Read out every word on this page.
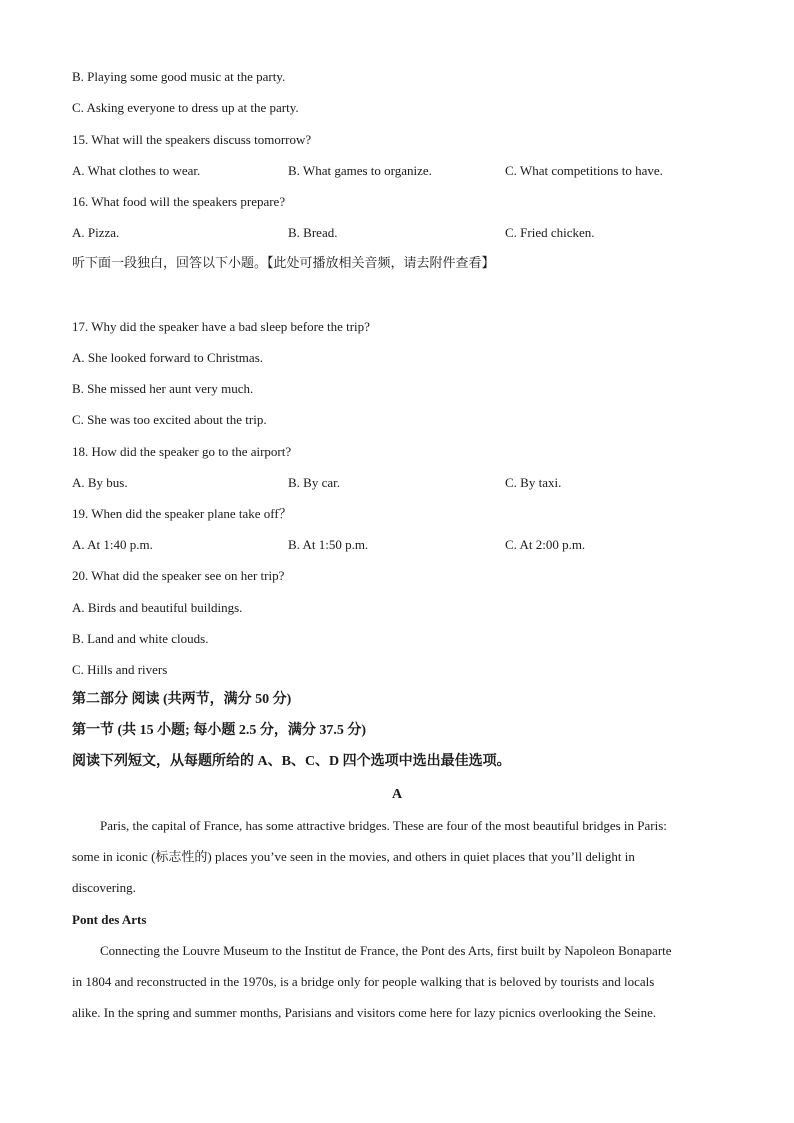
B. Playing some good music at the party.
C. Asking everyone to dress up at the party.
15. What will the speakers discuss tomorrow?
A. What clothes to wear.	B. What games to organize.	C. What competitions to have.
16. What food will the speakers prepare?
A. Pizza.	B. Bread.	C. Fried chicken.
听下面一段独白，回答以下小题。【此处可播放相关音频，请去附件查看】
17. Why did the speaker have a bad sleep before the trip?
A. She looked forward to Christmas.
B. She missed her aunt very much.
C. She was too excited about the trip.
18. How did the speaker go to the airport?
A. By bus.	B. By car.	C. By taxi.
19. When did the speaker plane take off？
A. At 1:40 p.m.	B. At 1:50 p.m.	C. At 2:00 p.m.
20. What did the speaker see on her trip?
A. Birds and beautiful buildings.
B. Land and white clouds.
C. Hills and rivers
第二部分 阅读 (共两节，满分 50 分)
第一节 (共 15 小题; 每小题 2.5 分，满分 37.5 分)
阅读下列短文，从每题所给的 A、B、C、D 四个选项中选出最佳选项。
A
Paris, the capital of France, has some attractive bridges. These are four of the most beautiful bridges in Paris:
some in iconic (标志性的) places you’ve seen in the movies, and others in quiet places that you’ll delight in
discovering.
Pont des Arts
Connecting the Louvre Museum to the Institut de France, the Pont des Arts, first built by Napoleon Bonaparte
in 1804 and reconstructed in the 1970s, is a bridge only for people walking that is beloved by tourists and locals
alike. In the spring and summer months, Parisians and visitors come here for lazy picnics overlooking the Seine.
